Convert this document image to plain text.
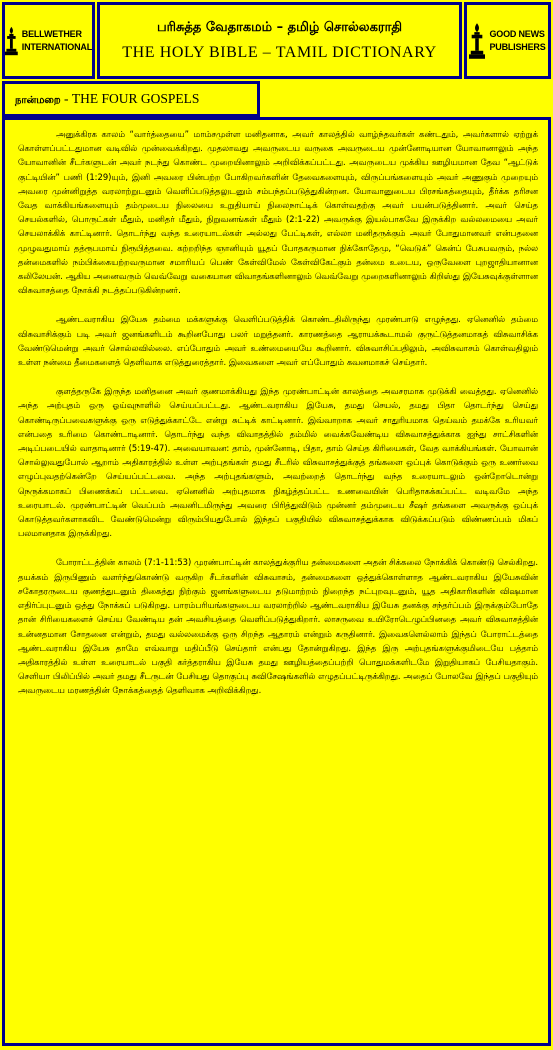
BELLWETHER
INTERNATIONAL
பரிசுத்த வேதாகமம் – தமிழ் சொல்லகராதி
THE HOLY BIBLE – TAMIL DICTIONARY
GOOD NEWS
PUBLISHERS
நான்மறை - THE FOUR GOSPELS

அனுக்கிரக காலம் “வார்த்தையை” மாம்சமுள்ள மனிதனாக, அவர் காலத்தில் வாழ்ந்தவர்கள் கண்டதும், அவர்களால் ஏற்றுக் கொள்ளப்பட்டதுமான வடிவில் முன்வைக்கிறது. முதலாவது அவருடைய வருகை அவருடைய முன்னோடியான யோவானாலும் அந்த யோவானின் சீடர்களுடன் அவர் நடந்து கொண்ட முறையினாலும் அறிவிக்கப்பட்டது. அவருடைய முக்கிய ஊழியமான தேவ “ஆட்டுக் குட்டியின்” பணி (1:29)யும், இனி அவரை பின்பற்ற போகிறவர்களின் தேவைகளையும், விருப்பங்களையும் அவர் அணுகும் முறையும் அவரை முன்னிறுத்த வரலாற்றுடனும் வெளிப்படுத்தலுடனும் சம்பந்தப்படுத்துகின்றன. யோவானுடைய பிரசங்கத்தையும், தீர்க்க தரிசன வேத வாக்கியங்களையும் தம்முடைய நிலையை உறுதியாய் நிலைநாட்டிக் கொள்வதற்கு அவர் பயன்படுத்தினார். அவர் செய்த செயல்களில், பொருட்கள் மீதும், மனிதர் மீதும், நிறுவனங்கள் மீதும் (2:1-22) அவருக்கு இயல்பாகவே இருக்கிற வல்லமையை அவர் செயலாக்கிக் காட்டினார். தொடர்ந்து வந்த உரையாடல்கள் அல்லது பேட்டிகள், எல்லா மனிதருக்கும் அவர் போதுமானவர் என்பதனை முழுவதுமாய் தத்ரூபமாய் நிரூபித்தவை. கற்றறிந்த ஞானியும் யூதப் போதகருமான நிக்கோதேமு, “வெடுக்” கென்ப் பேசுபவரும், நல்ல தன்மைகளில் நம்பிக்கையற்றவருமான சமாரியப் பெண் கேள்விமேல் கேள்விகேட்கும் தன்மை உடைய, ஒருவேளை புறஜாதியானான கலிலேயன். ஆகிய அனைவரும் வெவ்வேறு வகையான விவாதங்களினாலும் வெவ்வேறு முறைகளினாலும் கிறிஸ்து இயேசுவுக்குள்ளான விசுவாசத்தை நோக்கி நடத்தப்படுகின்றனர்.

ஆண்டவராகிய இயேசு தம்மை மக்களுக்கு வெளிப்படுத்திக் கொண்டதிலிருந்து முரண்பாடு எழுந்தது. ஏனெனில் தம்மை விசுவாசிக்கும் படி அவர் ஜனங்களிடம் கூறினபோது பலர் மறுத்தனர். காரணத்தை ஆராயக்கூடாமல் குருட்டுத்தனமாகத் விசுவாசிக்க வேண்டுமென்று அவர் சொல்லவில்லை. எப்போதும் அவர் உண்மையையே கூறினார். விசுவாசிப்பதிலும், அவிசுவாசம் கொள்வதிலும் உள்ள நன்மை தீமைகளைத் தெளிவாக எடுத்துரைத்தார். இவைகளை அவர் எப்போதும் கவனமாகச் செய்தார்.

குளத்தருகே இருந்த மனிதனை அவர் குணமாக்கியது இந்த முரண்பாட்டின் காலத்தை அவசரமாக முடுக்கி வைத்தது. ஏனெனில் அந்த அற்புதம் ஒரு ஓய்வுநாளில் செய்யப்பட்டது. ஆண்டவராகிய இயேசு, தமது செயல், தமது பிதா தொடர்ந்து செய்து கொண்டிருப்பவைகளுக்கு ஒரு எடுத்துக்காட்டே என்று சுட்டிக் காட்டினார். இவ்வாறாக அவர் சாதுரியமாக தெய்வம் தமக்கே உரியவர் என்பதை உரிமை கொண்டாடினார். தொடர்ந்து வந்த விவாதத்தில் தம்மில் வைக்கவேண்டிய விசுவாசத்துக்காக ஐந்து சாட்சிகளின் அடிப்படையில் வாதாடினார் (5:19-47). அவையாவன: தாம், முன்னோடி, பிதா, தாம் செய்த கிரியைகள், வேத வாக்கியங்கள். யோவான் சொல்லுவதுபோல் ஆறாம் அதிகாரத்தில் உள்ள அற்புதங்கள் தமது சீடரில் விசுவாசத்துக்குத் தங்களை ஒப்புக் கொடுக்கும் ஒரு உணர்வை எழுப்புவதற்கென்றே செய்யப்பட்டவை. அந்த அற்புதங்களும், அவற்றைத் தொடர்ந்து வந்த உரையாடலும் ஒன்றோடொன்று நெருக்கமாகப் பிணைக்கப் பட்டவை. ஏனெனில் அற்புதமாக நிகழ்த்தப்பட்ட உணவையின் பெரிதாகக்கப்பட்ட வடிவமே அந்த உரையாடல். முரண்பாட்டின் வெப்பம் அவனிடமிருந்து அவரை பிரித்துவிடும் முன்னர் தம்முடைய சீஷர் தங்களை அவருக்கு ஒப்புக் கொடுத்தவர்களாகவிட வேண்டுமென்று விரும்பியதுபோல் இந்தப் பகுதியில் விசுவாசத்துக்காக விடுக்கப்படும் விண்ணப்பம் மிகப் பலமானதாக இருக்கிறது.

போராட்டத்தின் காலம் (7:1-11:53) முரண்பாட்டின் காலத்துக்குரிய தன்மைகளை அதன் சிக்கலை நோக்கிக் கொண்டு செல்கிறது. தயக்கம் இருபிணும் வளர்ந்துகொண்டு வருகிற சீடர்களின் விசுவாசம், தன்மைகளை ஒத்துக்கொள்ளாத ஆண்டவராகிய இயேசுவின் சகோதரருடைய குணத்துடனும் திகைத்து நிற்கும் ஜனங்களுடைய தடுமாற்றம் நிறைந்த நட்புறவுடனும், யூத அதிகாரிகளின் விஷமான எதிர்ப்புடனும் ஒத்து நோக்கப் படுகிறது. பாரம்பரியங்களுடைய வரலாற்றில் ஆண்டவராகிய இயேசு தனக்கு சந்தர்ப்பம் இருக்கும்போதே தான் சிரியைகளைச் செய்ய வேண்டிய தன் அவசியத்தை வெளிப்படுத்துகிறார். லாசருவை உயிரோடெழுப்பினதை அவர் விசுவாசத்தின் உன்னதமான சோதனை என்றும், தமது வல்லமைக்கு ஒரு சிறந்த ஆதாரம் என்றும் கருதினார். இவைகளெல்லாம் இந்தப் போராட்டத்தை ஆண்டவராகிய இயேசு தாமே எவ்வாறு மதிப்பீடு செய்தார் என்பது தோன்றுகிறது. இந்த இரு அற்புதங்களுக்குமிடையே பத்தாம் அதிகாரத்தில் உள்ள உரையாடல் பகுதி கர்த்தராகிய இயேசு தமது ஊழியத்தைப்பற்றி பொதுமக்களிடமே இறுதியாகப் பேசியதாகும். செளியா பிலிப்பில் அவர் தமது சீடருடன் பேசியது தொகுப்பு சுவிசேஷங்களில் எழுதப்பட்டிருக்கிறது. அதைப் போலவே இந்தப் பகுதியும் அவருடைய மரணத்தின் நோக்கத்தைத் தெளிவாக அறிவிக்கிறது.
